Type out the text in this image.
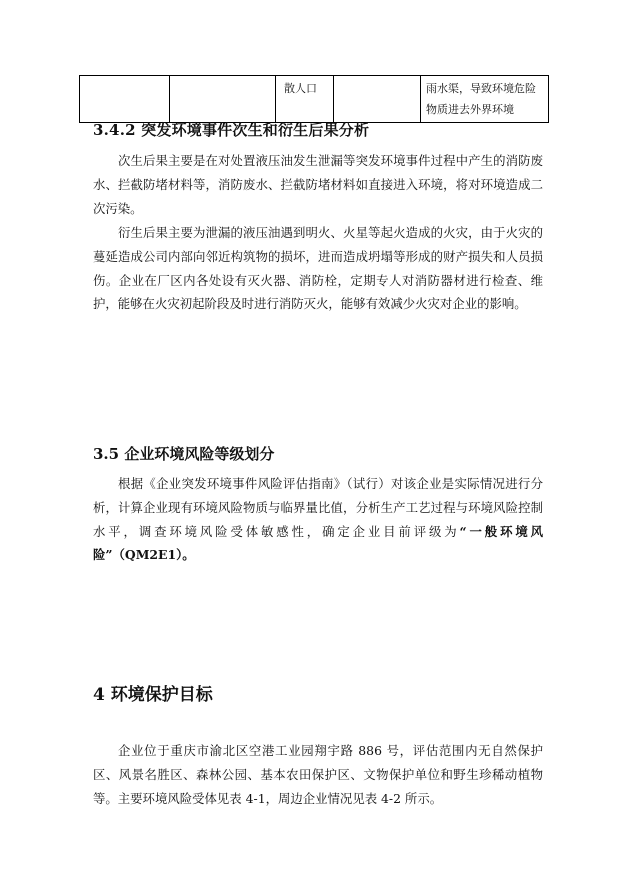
		散人口		雨水渠，导致环境危险物质进去外界环境
3.4.2 突发环境事件次生和衍生后果分析

次生后果主要是在对处置液压油发生泄漏等突发环境事件过程中产生的消防废水、拦截防堵材料等，消防废水、拦截防堵材料如直接进入环境，将对环境造成二次污染。

衍生后果主要为泄漏的液压油遇到明火、火星等起火造成的火灾，由于火灾的蔓延造成公司内部向邻近构筑物的损坏，进而造成坍塌等形成的财产损失和人员损伤。企业在厂区内各处设有灭火器、消防栓，定期专人对消防器材进行检查、维护，能够在火灾初起阶段及时进行消防灭火，能够有效减少火灾对企业的影响。

3.5 企业环境风险等级划分

根据《企业突发环境事件风险评估指南》（试行）对该企业是实际情况进行分析，计算企业现有环境风险物质与临界量比值，分析生产工艺过程与环境风险控制水平，调查环境风险受体敏感性，确定企业目前评级为“一般环境风险”（QM2E1）。

4 环境保护目标

企业位于重庆市渝北区空港工业园翔宇路 886 号，评估范围内无自然保护区、风景名胜区、森林公园、基本农田保护区、文物保护单位和野生珍稀动植物等。主要环境风险受体见表 4-1，周边企业情况见表 4-2 所示。
